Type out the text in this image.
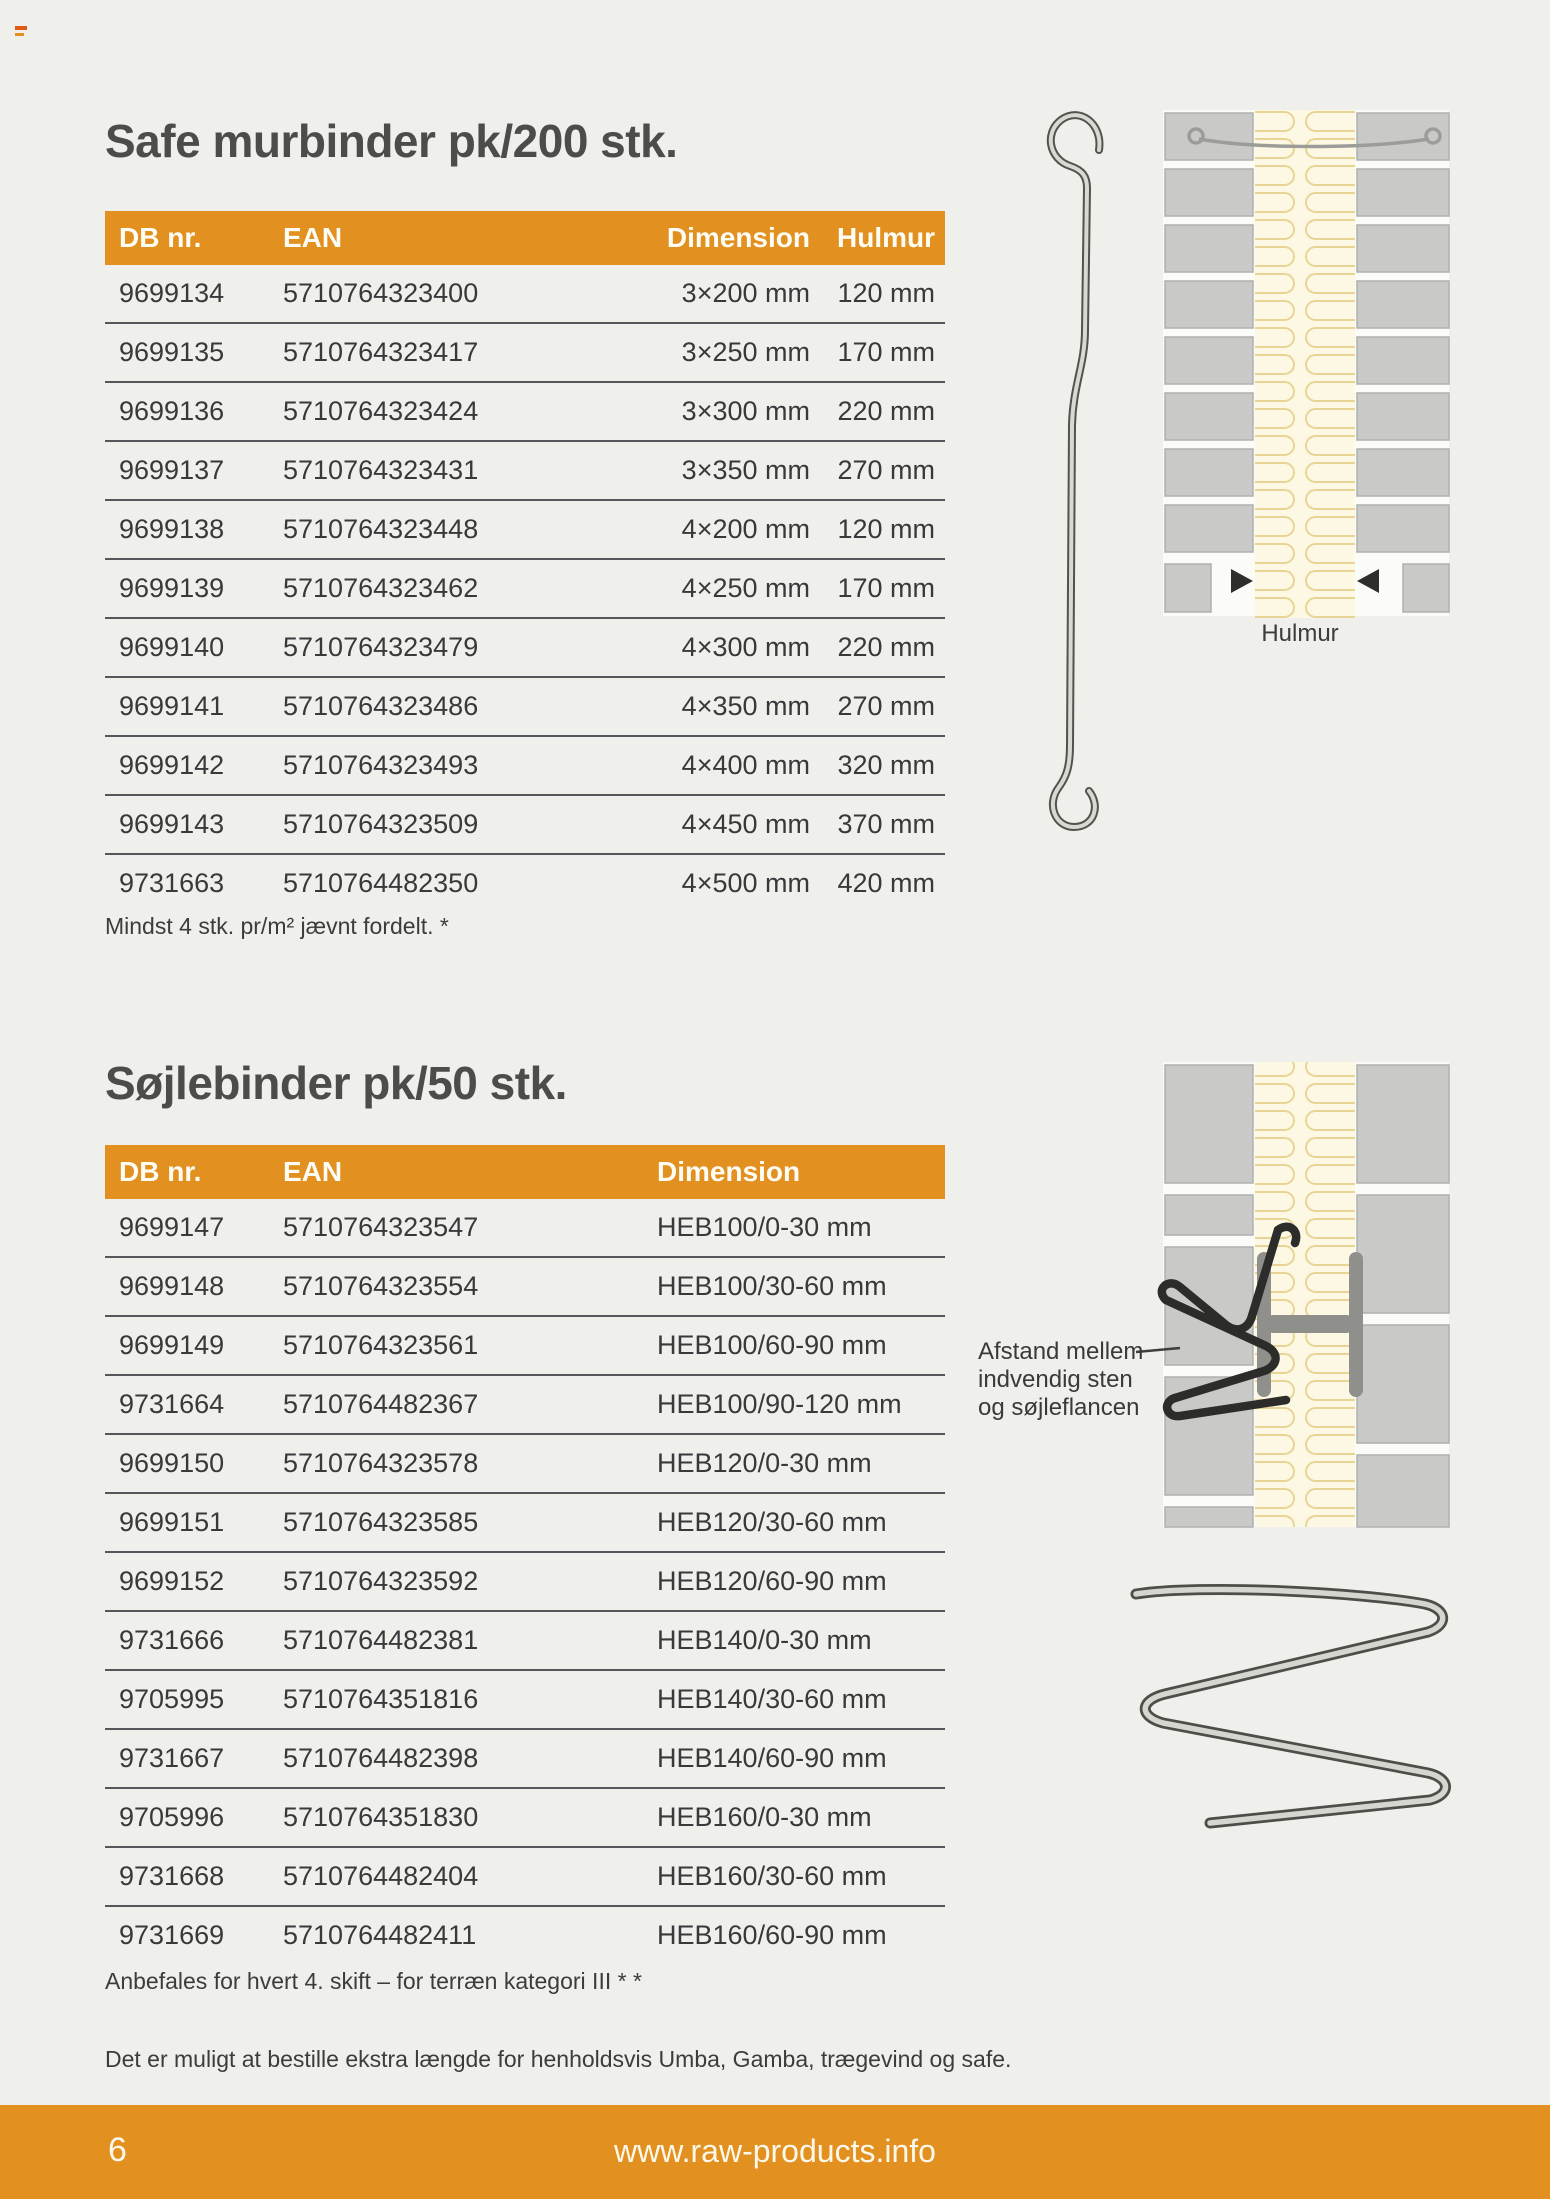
Safe murbinder pk/200 stk.
DB nr.	EAN	Dimension	Hulmur
9699134	5710764323400	3×200 mm	120 mm
9699135	5710764323417	3×250 mm	170 mm
9699136	5710764323424	3×300 mm	220 mm
9699137	5710764323431	3×350 mm	270 mm
9699138	5710764323448	4×200 mm	120 mm
9699139	5710764323462	4×250 mm	170 mm
9699140	5710764323479	4×300 mm	220 mm
9699141	5710764323486	4×350 mm	270 mm
9699142	5710764323493	4×400 mm	320 mm
9699143	5710764323509	4×450 mm	370 mm
9731663	5710764482350	4×500 mm	420 mm
Mindst 4 stk. pr/m² jævnt fordelt. *
Søjlebinder pk/50 stk.
DB nr.	EAN	Dimension
9699147	5710764323547	HEB100/0-30 mm
9699148	5710764323554	HEB100/30-60 mm
9699149	5710764323561	HEB100/60-90 mm
9731664	5710764482367	HEB100/90-120 mm
9699150	5710764323578	HEB120/0-30 mm
9699151	5710764323585	HEB120/30-60 mm
9699152	5710764323592	HEB120/60-90 mm
9731666	5710764482381	HEB140/0-30 mm
9705995	5710764351816	HEB140/30-60 mm
9731667	5710764482398	HEB140/60-90 mm
9705996	5710764351830	HEB160/0-30 mm
9731668	5710764482404	HEB160/30-60 mm
9731669	5710764482411	HEB160/60-90 mm
Anbefales for hvert 4. skift – for terræn kategori III * *
Det er muligt at bestille ekstra længde for henholdsvis Umba, Gamba, trægevind og safe.
Hulmur
Afstand mellem
indvendig sten
og søjleflancen
6	www.raw-products.info
